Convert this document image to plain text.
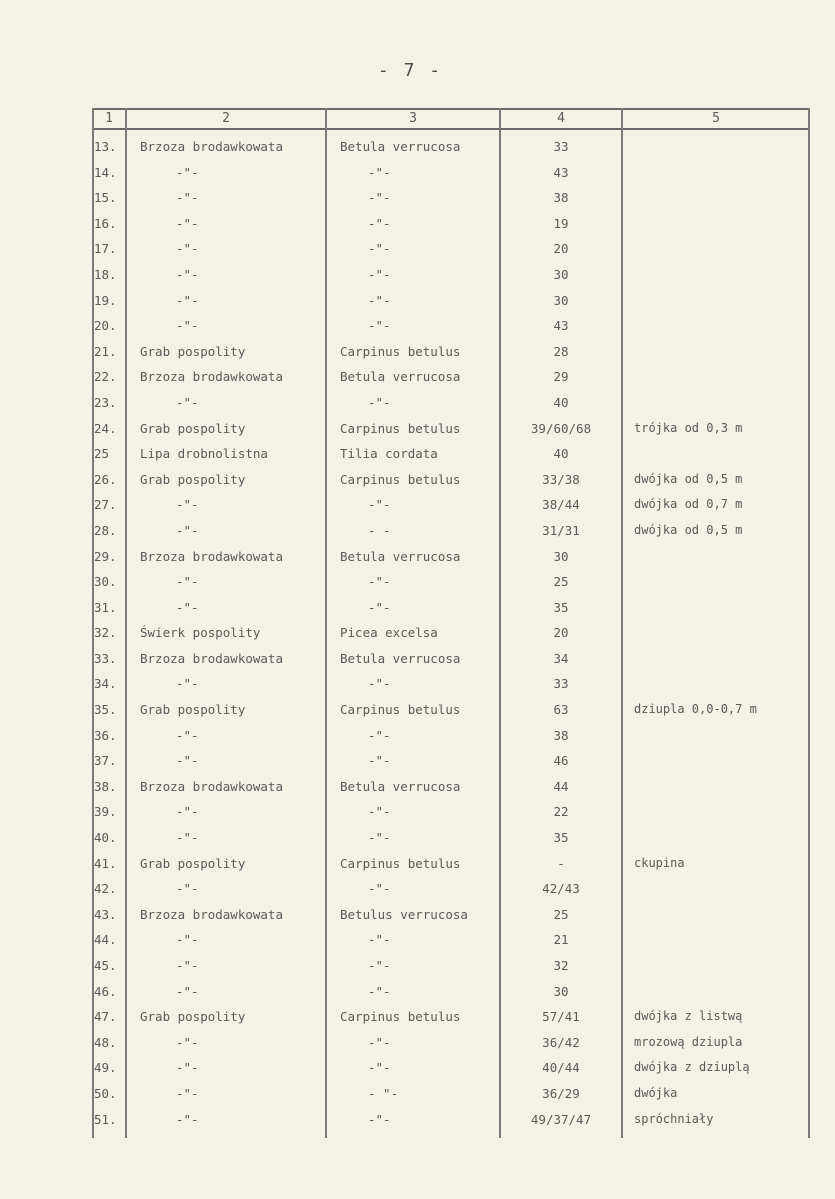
- 7 -
1	2	3	4	5
13.	Brzoza brodawkowata	Betula verrucosa	33
14.	-"-	-"-	43
15.	-"-	-"-	38
16.	-"-	-"-	19
17.	-"-	-"-	20
18.	-"-	-"-	30
19.	-"-	-"-	30
20.	-"-	-"-	43
21.	Grab pospolity	Carpinus betulus	28
22.	Brzoza brodawkowata	Betula verrucosa	29
23.	-"-	-"-	40
24.	Grab pospolity	Carpinus betulus	39/60/68	trójka od 0,3 m
25	Lipa drobnolistna	Tilia cordata	40
26.	Grab pospolity	Carpinus betulus	33/38	dwójka od 0,5 m
27.	-"-	-"-	38/44	dwójka od 0,7 m
28.	-"-	- -	31/31	dwójka od 0,5 m
29.	Brzoza brodawkowata	Betula verrucosa	30
30.	-"-	-"-	25
31.	-"-	-"-	35
32.	Świerk pospolity	Picea excelsa	20
33.	Brzoza brodawkowata	Betula verrucosa	34
34.	-"-	-"-	33
35.	Grab pospolity	Carpinus betulus	63	dziupla 0,0-0,7 m
36.	-"-	-"-	38
37.	-"-	-"-	46
38.	Brzoza brodawkowata	Betula verrucosa	44
39.	-"-	-"-	22
40.	-"-	-"-	35
41.	Grab pospolity	Carpinus betulus	-	ckupina
42.	-"-	-"-	42/43
43.	Brzoza brodawkowata	Betulus verrucosa	25
44.	-"-	-"-	21
45.	-"-	-"-	32
46.	-"-	-"-	30
47.	Grab pospolity	Carpinus betulus	57/41	dwójka z listwą
48.	-"-	-"-	36/42	mrozową dziupla
49.	-"-	-"-	40/44	dwójka z dziuplą
50.	-"-	- "-	36/29	dwójka
51.	-"-	-"-	49/37/47	spróchniały
